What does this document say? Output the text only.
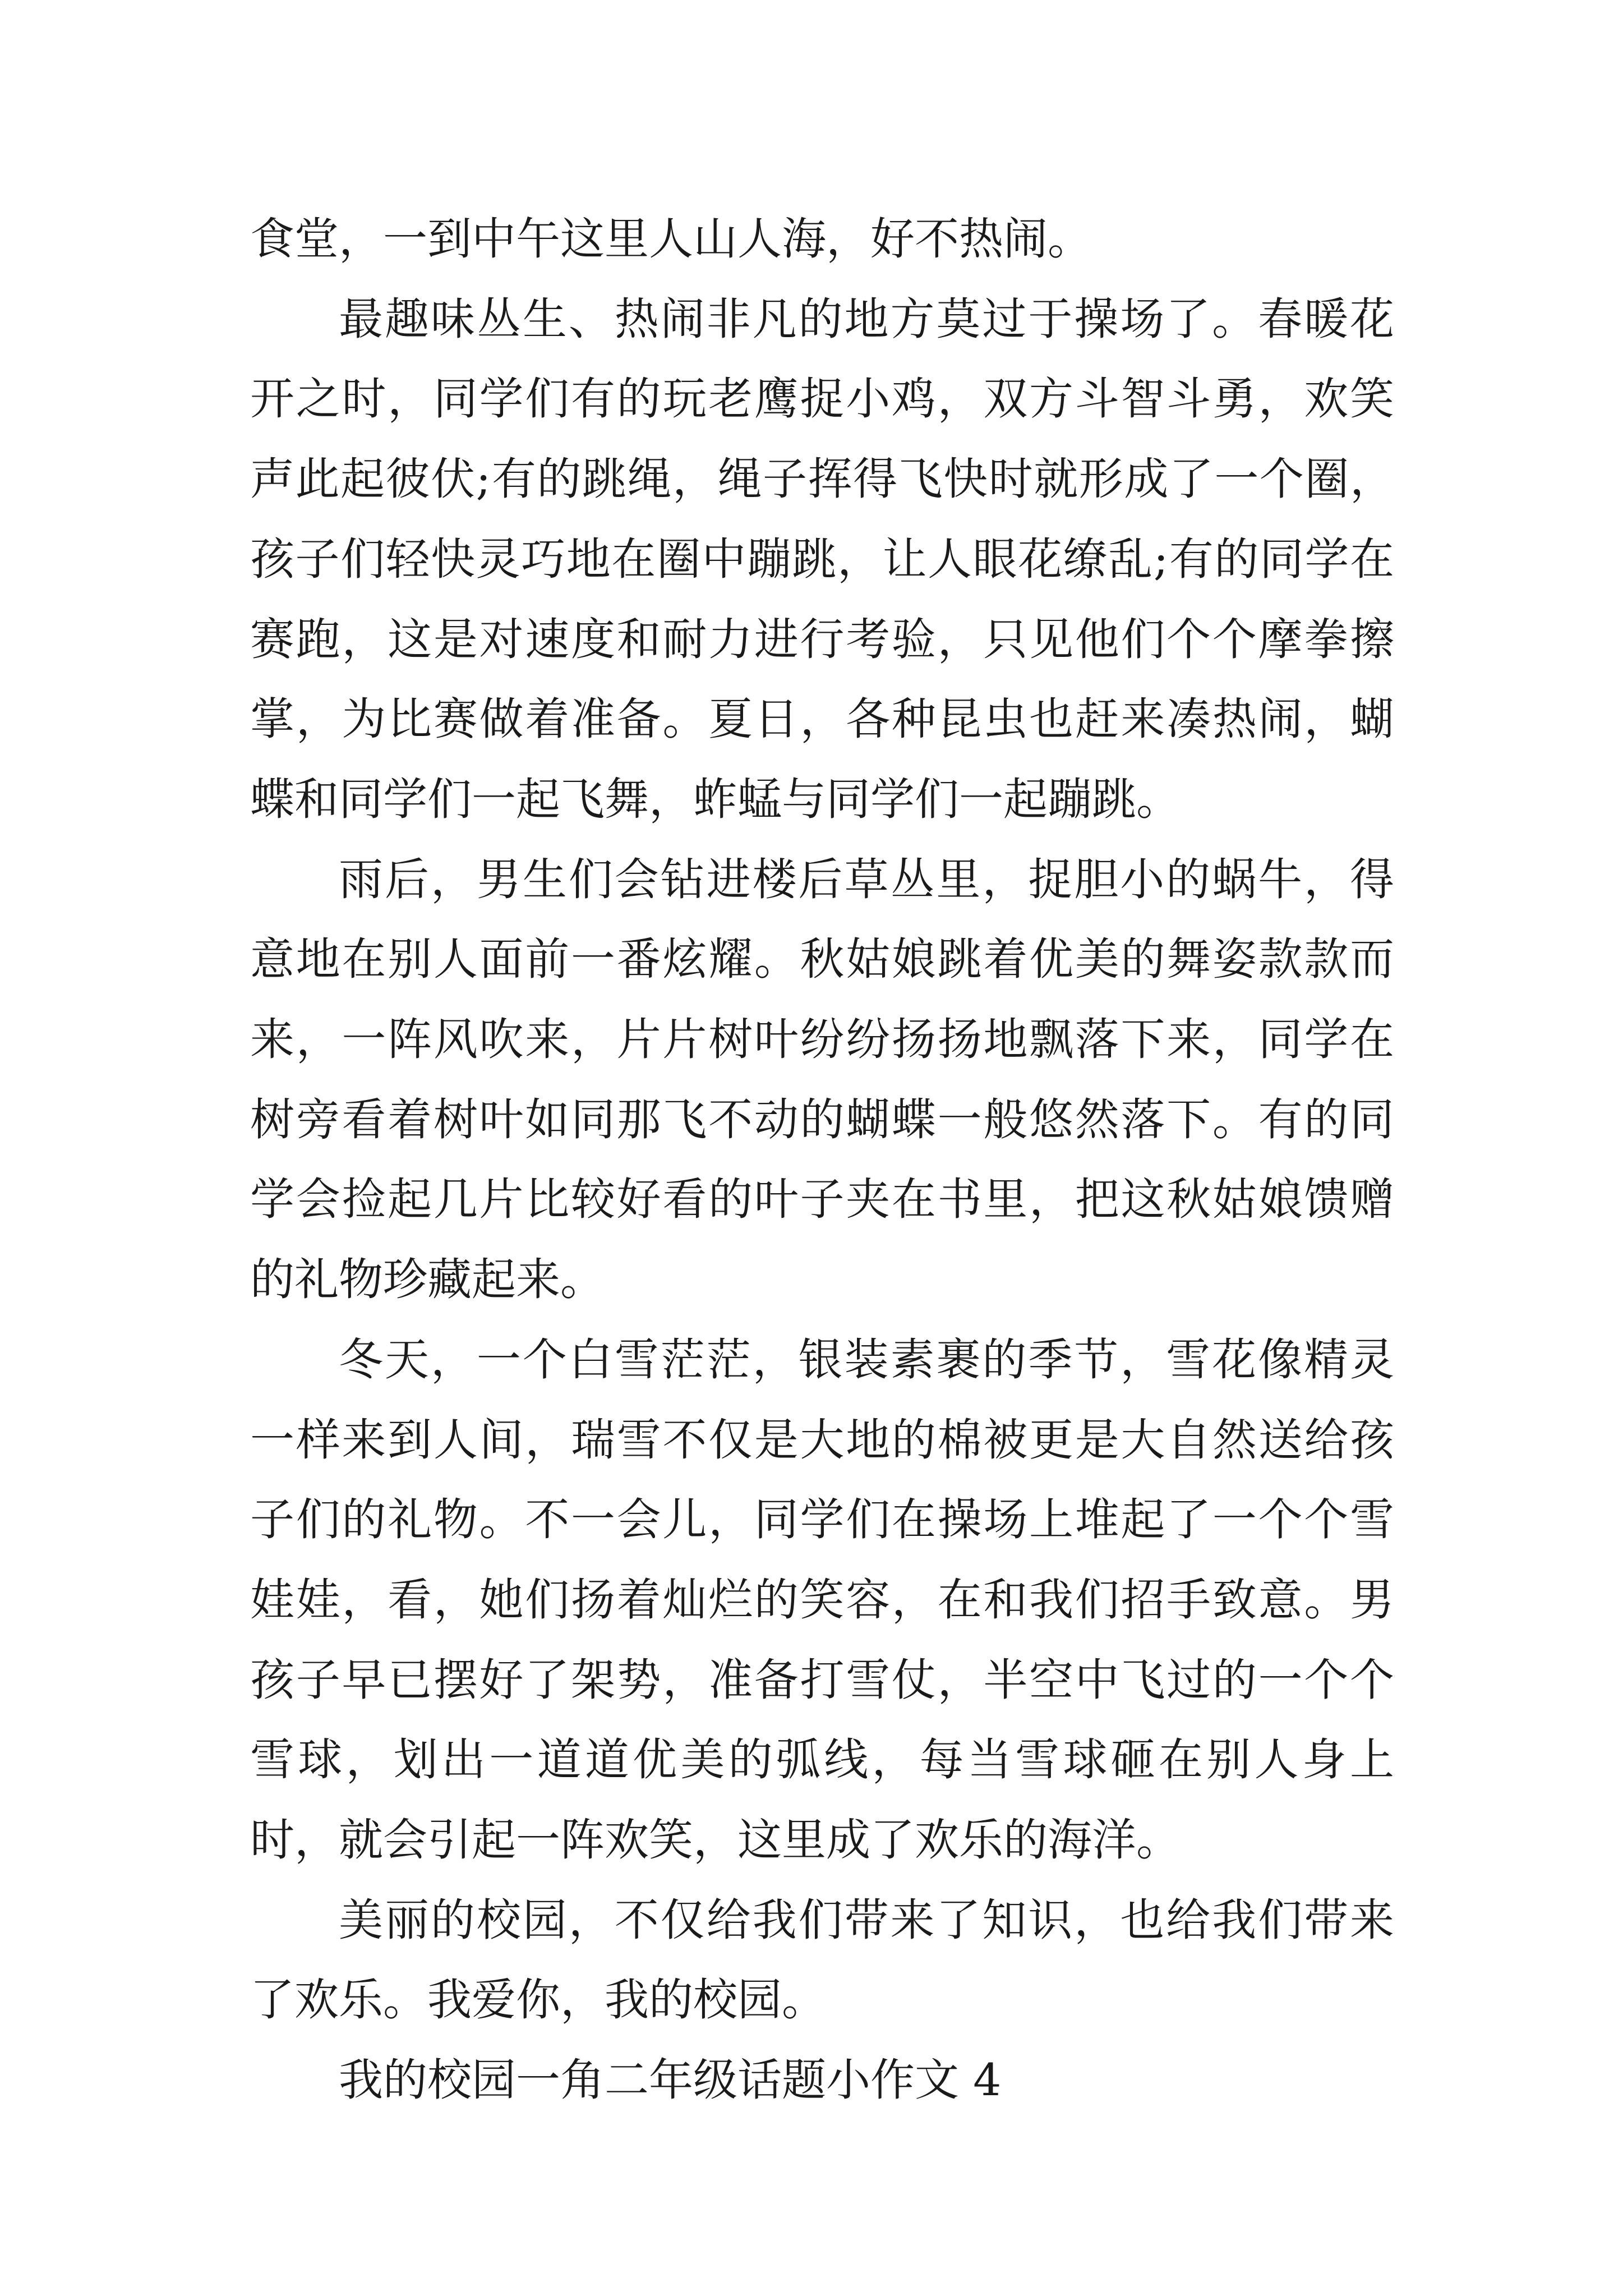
食堂，一到中午这里人山人海，好不热闹。

最趣味丛生、热闹非凡的地方莫过于操场了。春暖花开之时，同学们有的玩老鹰捉小鸡，双方斗智斗勇，欢笑声此起彼伏;有的跳绳，绳子挥得飞快时就形成了一个圈，孩子们轻快灵巧地在圈中蹦跳，让人眼花缭乱;有的同学在赛跑，这是对速度和耐力进行考验，只见他们个个摩拳擦掌，为比赛做着准备。夏日，各种昆虫也赶来凑热闹，蝴蝶和同学们一起飞舞，蚱蜢与同学们一起蹦跳。

雨后，男生们会钻进楼后草丛里，捉胆小的蜗牛，得意地在别人面前一番炫耀。秋姑娘跳着优美的舞姿款款而来，一阵风吹来，片片树叶纷纷扬扬地飘落下来，同学在树旁看着树叶如同那飞不动的蝴蝶一般悠然落下。有的同学会捡起几片比较好看的叶子夹在书里，把这秋姑娘馈赠的礼物珍藏起来。

冬天，一个白雪茫茫，银装素裹的季节，雪花像精灵一样来到人间，瑞雪不仅是大地的棉被更是大自然送给孩子们的礼物。不一会儿，同学们在操场上堆起了一个个雪娃娃，看，她们扬着灿烂的笑容，在和我们招手致意。男孩子早已摆好了架势，准备打雪仗，半空中飞过的一个个雪球，划出一道道优美的弧线，每当雪球砸在别人身上时，就会引起一阵欢笑，这里成了欢乐的海洋。

美丽的校园，不仅给我们带来了知识，也给我们带来了欢乐。我爱你，我的校园。

我的校园一角二年级话题小作文 4
